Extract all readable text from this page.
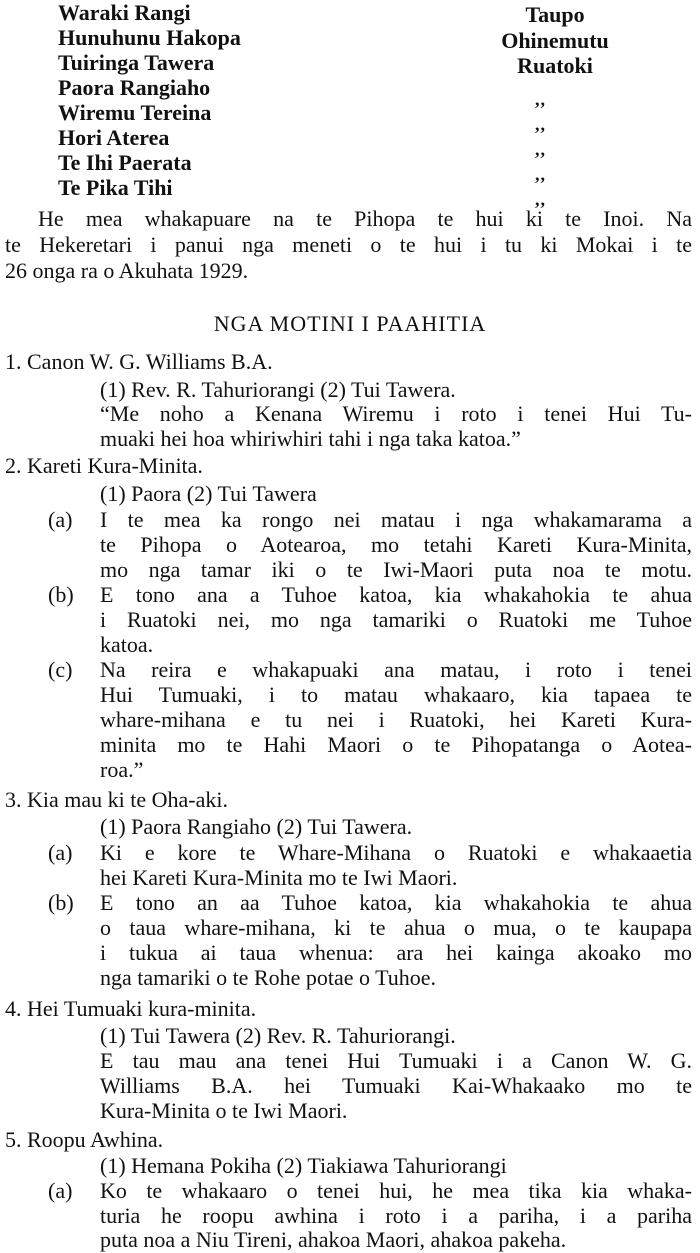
Waraki Rangi	Taupo
Hunuhunu Hakopa	Ohinemutu
Tuiringa Tawera	Ruatoki
Paora Rangiaho	,,
Wiremu Tereina	,,
Hori Aterea	,,
Te Ihi Paerata	,,
Te Pika Tihi	,,
He mea whakapuare na te Pihopa te hui ki te Inoi. Na
te Hekeretari i panui nga meneti o te hui i tu ki Mokai i te
26 onga ra o Akuhata 1929.
NGA MOTINI I PAAHITIA
1. Canon W. G. Williams B.A.
(1) Rev. R. Tahuriorangi (2) Tui Tawera.
“Me noho a Kenana Wiremu i roto i tenei Hui Tu-
muaki hei hoa whiriwhiri tahi i nga taka katoa.”
2. Kareti Kura-Minita.
(1) Paora (2) Tui Tawera
(a) I te mea ka rongo nei matau i nga whakamarama a
te Pihopa o Aotearoa, mo tetahi Kareti Kura-Minita,
mo nga tamar iki o te Iwi-Maori puta noa te motu.
(b) E tono ana a Tuhoe katoa, kia whakahokia te ahua
i Ruatoki nei, mo nga tamariki o Ruatoki me Tuhoe
katoa.
(c) Na reira e whakapuaki ana matau, i roto i tenei
Hui Tumuaki, i to matau whakaaro, kia tapaea te
whare-mihana e tu nei i Ruatoki, hei Kareti Kura-
minita mo te Hahi Maori o te Pihopatanga o Aotea-
roa.”
3. Kia mau ki te Oha-aki.
(1) Paora Rangiaho (2) Tui Tawera.
(a) Ki e kore te Whare-Mihana o Ruatoki e whakaaetia
hei Kareti Kura-Minita mo te Iwi Maori.
(b) E tono an aa Tuhoe katoa, kia whakahokia te ahua
o taua whare-mihana, ki te ahua o mua, o te kaupapa
i tukua ai taua whenua: ara hei kainga akoako mo
nga tamariki o te Rohe potae o Tuhoe.
4. Hei Tumuaki kura-minita.
(1) Tui Tawera (2) Rev. R. Tahuriorangi.
E tau mau ana tenei Hui Tumuaki i a Canon W. G.
Williams B.A. hei Tumuaki Kai-Whakaako mo te
Kura-Minita o te Iwi Maori.
5. Roopu Awhina.
(1) Hemana Pokiha (2) Tiakiawa Tahuriorangi
(a) Ko te whakaaro o tenei hui, he mea tika kia whaka-
turia he roopu awhina i roto i a pariha, i a pariha
puta noa a Niu Tireni, ahakoa Maori, ahakoa pakeha.
